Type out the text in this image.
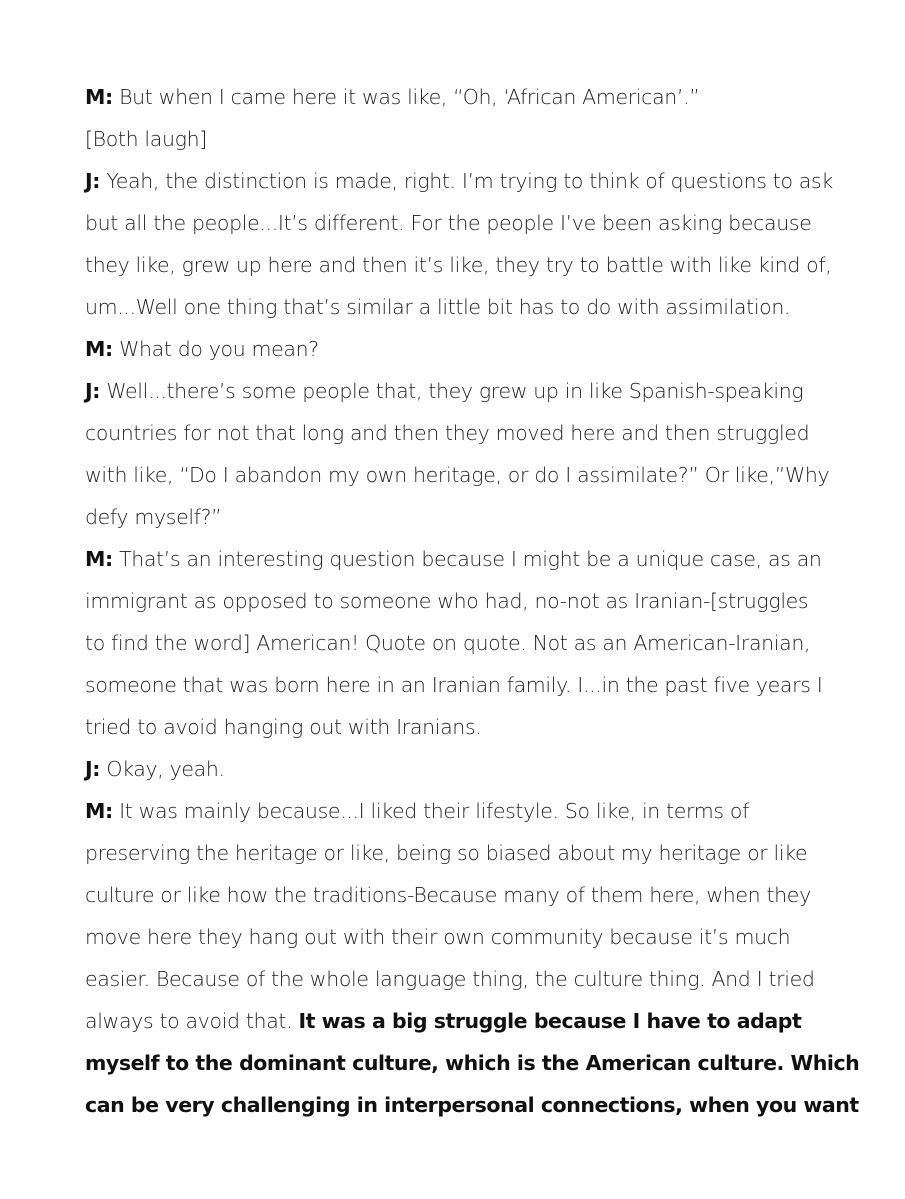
M: But when I came here it was like, “Oh, ‘African American’.”

[Both laugh]

J: Yeah, the distinction is made, right. I’m trying to think of questions to ask
but all the people...It’s different. For the people I’ve been asking because
they like, grew up here and then it’s like, they try to battle with like kind of,
um...Well one thing that’s similar a little bit has to do with assimilation.

M: What do you mean?

J: Well...there’s some people that, they grew up in like Spanish-speaking
countries for not that long and then they moved here and then struggled
with like, “Do I abandon my own heritage, or do I assimilate?” Or like,”Why
defy myself?”

M: That’s an interesting question because I might be a unique case, as an
immigrant as opposed to someone who had, no-not as Iranian-[struggles
to find the word] American! Quote on quote. Not as an American-Iranian,
someone that was born here in an Iranian family. I...in the past five years I
tried to avoid hanging out with Iranians.

J: Okay, yeah.

M: It was mainly because...I liked their lifestyle. So like, in terms of
preserving the heritage or like, being so biased about my heritage or like
culture or like how the traditions-Because many of them here, when they
move here they hang out with their own community because it’s much
easier. Because of the whole language thing, the culture thing. And I tried
always to avoid that. It was a big struggle because I have to adapt
myself to the dominant culture, which is the American culture. Which
can be very challenging in interpersonal connections, when you want
